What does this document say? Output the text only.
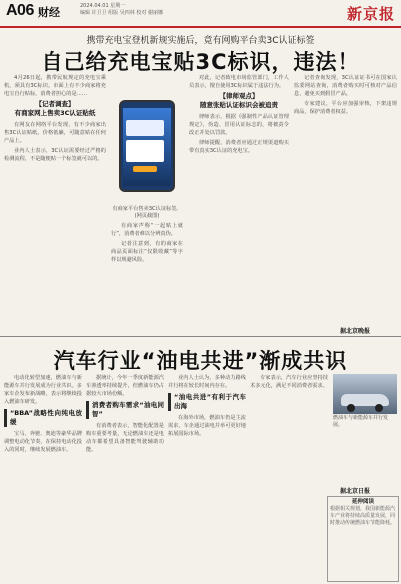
A06 财经	2024.04.01 星期一
编辑 许卫卫 组版 吴四林 校对 谢丽娜	新京报
携带充电宝登机新规实施后，竟有网购平台卖3C认证标签
自己给充电宝贴3C标识，违法！

4月26日起，携带民航规定的充电宝乘机，须具有3C标识。市面上有不少商家将充电宝自行贴标，消费者担心的是……

【记者调查】
有商家网上售卖3C认证贴纸

有网友在网络平台发现，有不少商家出售3C认证贴纸，价格低廉，可随意贴在任何产品上。

业内人士表示，3C认证需要经过严格的检测流程，不是随便贴一个标签就可以的。

有商家平台售卖3C认证标签。(网页截图)

有商家声称“一起贴上就行”，消费者难以分辨真伪。

记者注意到，有的商家在商品页面标注“仅限收藏”等字样以规避风险。

对此，记者致电市场监管部门，工作人员表示，擅自使用3C标识属于违法行为。

【律师观点】
随意张贴认证标识会被追责

律师表示，根据《强制性产品认证管理规定》，伪造、冒用认证标志的，将被责令改正并处以罚款。

律师提醒，消费者应通过正规渠道购买带有真实3C认证的充电宝。

记者查询发现，3C认证证书可在国家认监委网站查询，消费者购买时可核对产品信息，避免买到假冒产品。

专家建议，平台应加强审核，下架违规商品，保护消费者权益。

据北京晚报
汽车行业“油电共进”渐成共识

电动化转型加速，燃油车与新能源车并行发展成为行业共识。多家车企发布新战略，表示将继续投入燃油车研发。

“BBA”战略性向纯电放缓

宝马、奔驰、奥迪等豪华品牌调整电动化节奏，在保持电动化投入的同时，继续发展燃油车。

据统计，今年一季度新能源汽车渗透率持续提升，但燃油车仍占据较大市场份额。

消费者购车需求“油电同智”

有消费者表示，智能化配置是购车重要考量，无论燃油车还是电动车都希望具备智能驾驶辅助功能。

业内人士认为，多种动力路线并行将在较长时间内存在。

“油电共进”有利于汽车出海

在海外市场，燃油车仍是主流需求，车企通过油电并举可更好地拓展国际市场。

专家表示，汽车行业应坚持技术多元化，满足不同消费者需求。

燃油车与新能源车并行发展。
延伸阅读
根据相关规划，我国新能源汽车产业将持续高质量发展，同时推动传统燃油车节能降耗。
据北京日报
